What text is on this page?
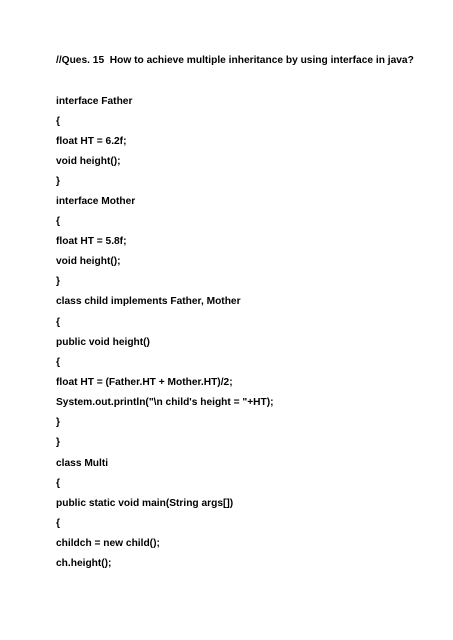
//Ques. 15  How to achieve multiple inheritance by using interface in java?
interface Father
{
float HT = 6.2f;
void height();
}
interface Mother
{
float HT = 5.8f;
void height();
}
class child implements Father, Mother
{
public void height()
{
float HT = (Father.HT + Mother.HT)/2;
System.out.println("\n child's height = "+HT);
}
}
class Multi
{
public static void main(String args[])
{
childch = new child();
ch.height();
